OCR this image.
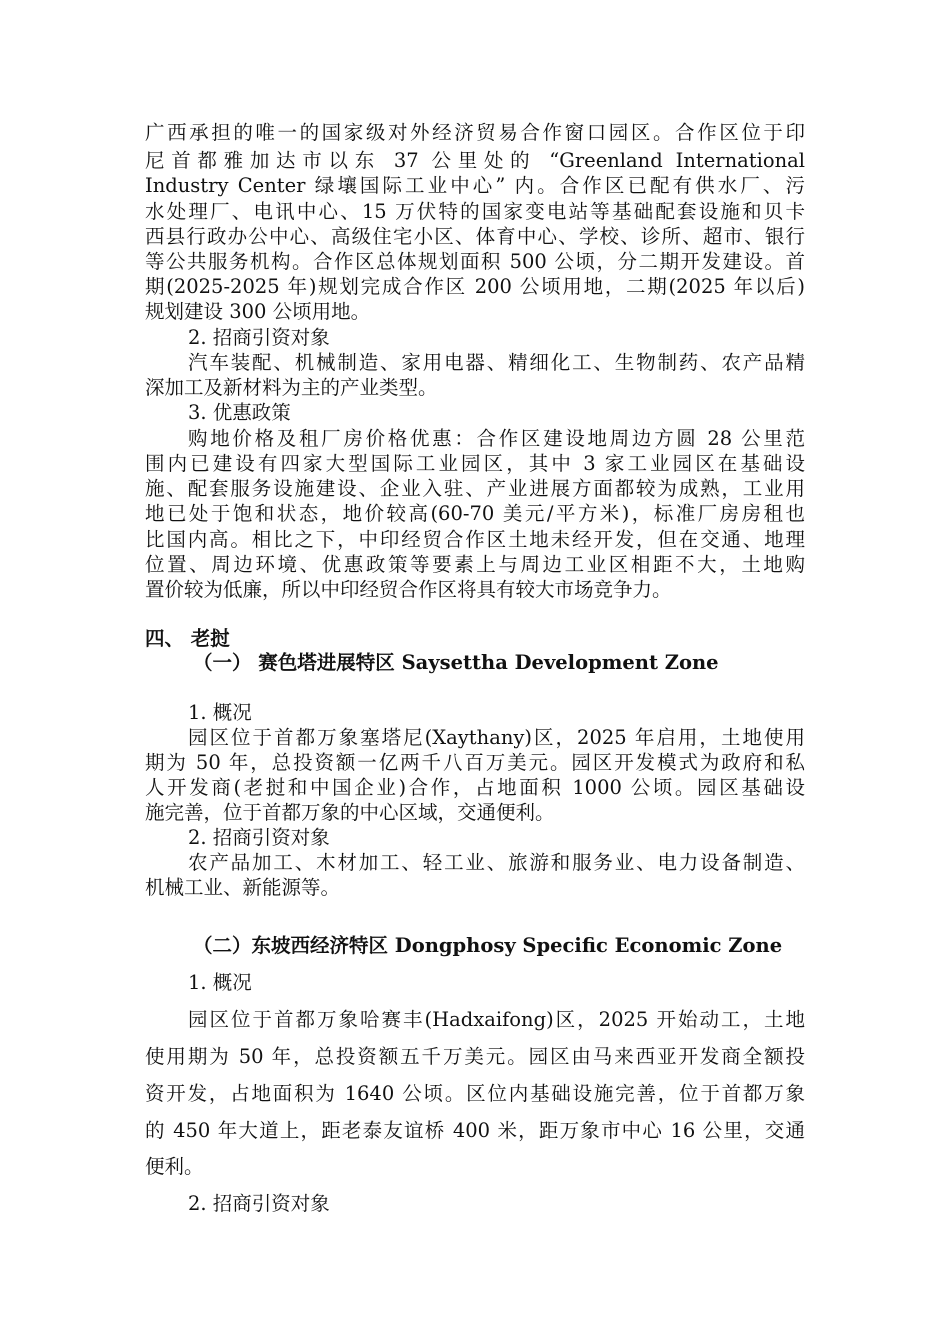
广西承担的唯一的国家级对外经济贸易合作窗口园区。合作区位于印
尼首都雅加达市以东 37 公里处的 “Greenland International
Industry Center 绿壤国际工业中心” 内。合作区已配有供水厂、污
水处理厂、电讯中心、15 万伏特的国家变电站等基础配套设施和贝卡
西县行政办公中心、高级住宅小区、体育中心、学校、诊所、超市、银行
等公共服务机构。合作区总体规划面积 500 公顷，分二期开发建设。首
期(2025-2025 年)规划完成合作区 200 公顷用地，二期(2025 年以后)
规划建设 300 公顷用地。
2. 招商引资对象
汽车装配、机械制造、家用电器、精细化工、生物制药、农产品精
深加工及新材料为主的产业类型。
3. 优惠政策
购地价格及租厂房价格优惠：合作区建设地周边方圆 28 公里范
围内已建设有四家大型国际工业园区，其中 3 家工业园区在基础设
施、配套服务设施建设、企业入驻、产业进展方面都较为成熟，工业用
地已处于饱和状态，地价较高(60-70 美元/平方米)，标准厂房房租也
比国内高。相比之下，中印经贸合作区土地未经开发，但在交通、地理
位置、周边环境、优惠政策等要素上与周边工业区相距不大，土地购
置价较为低廉，所以中印经贸合作区将具有较大市场竞争力。
四、 老挝
（一） 赛色塔进展特区 Saysettha Development Zone
1. 概况
园区位于首都万象塞塔尼(Xaythany)区，2025 年启用，土地使用
期为 50 年，总投资额一亿两千八百万美元。园区开发模式为政府和私
人开发商(老挝和中国企业)合作，占地面积 1000 公顷。园区基础设
施完善，位于首都万象的中心区域，交通便利。
2. 招商引资对象
农产品加工、木材加工、轻工业、旅游和服务业、电力设备制造、
机械工业、新能源等。
（二）东坡西经济特区 Dongphosy Specific Economic Zone
1. 概况
园区位于首都万象哈赛丰(Hadxaifong)区，2025 开始动工，土地
使用期为 50 年，总投资额五千万美元。园区由马来西亚开发商全额投
资开发，占地面积为 1640 公顷。区位内基础设施完善，位于首都万象
的 450 年大道上，距老泰友谊桥 400 米，距万象市中心 16 公里，交通
便利。
2. 招商引资对象
